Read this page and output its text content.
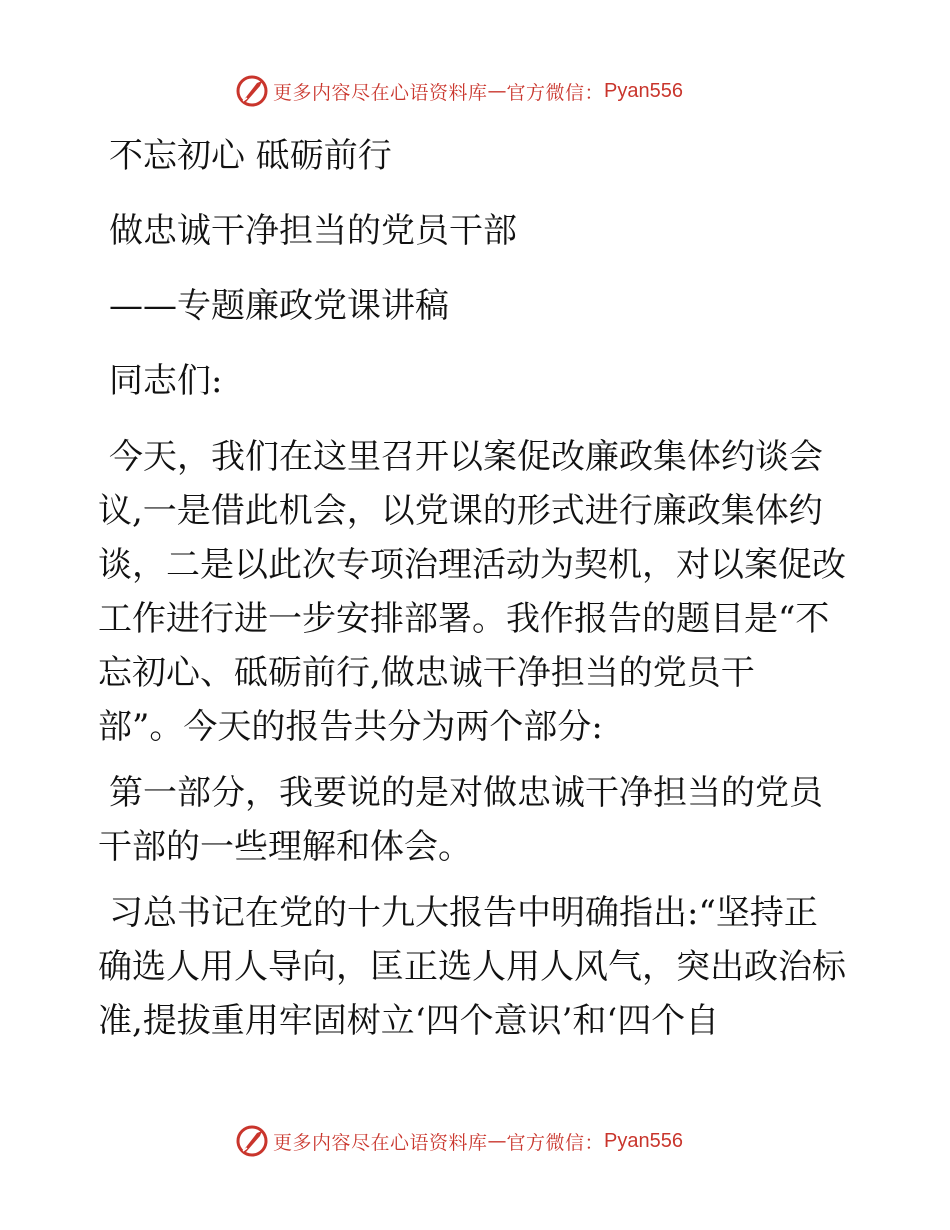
更多内容尽在心语资料库 — 官方微信： Pyan556
不忘初心 砥砺前行
做忠诚干净担当的党员干部
——专题廉政党课讲稿
同志们:
今天，我们在这里召开以案促改廉政集体约谈会
议,一是借此机会，以党课的形式进行廉政集体约
谈，二是以此次专项治理活动为契机，对以案促改
工作进行进一步安排部署。我作报告的题目是“不
忘初心、砥砺前行,做忠诚干净担当的党员干
部”。今天的报告共分为两个部分:
第一部分，我要说的是对做忠诚干净担当的党员
干部的一些理解和体会。
习总书记在党的十九大报告中明确指出:“坚持正
确选人用人导向，匡正选人用人风气，突出政治标
准,提拔重用牢固树立‘四个意识’和‘四个自
更多内容尽在心语资料库 — 官方微信： Pyan556
